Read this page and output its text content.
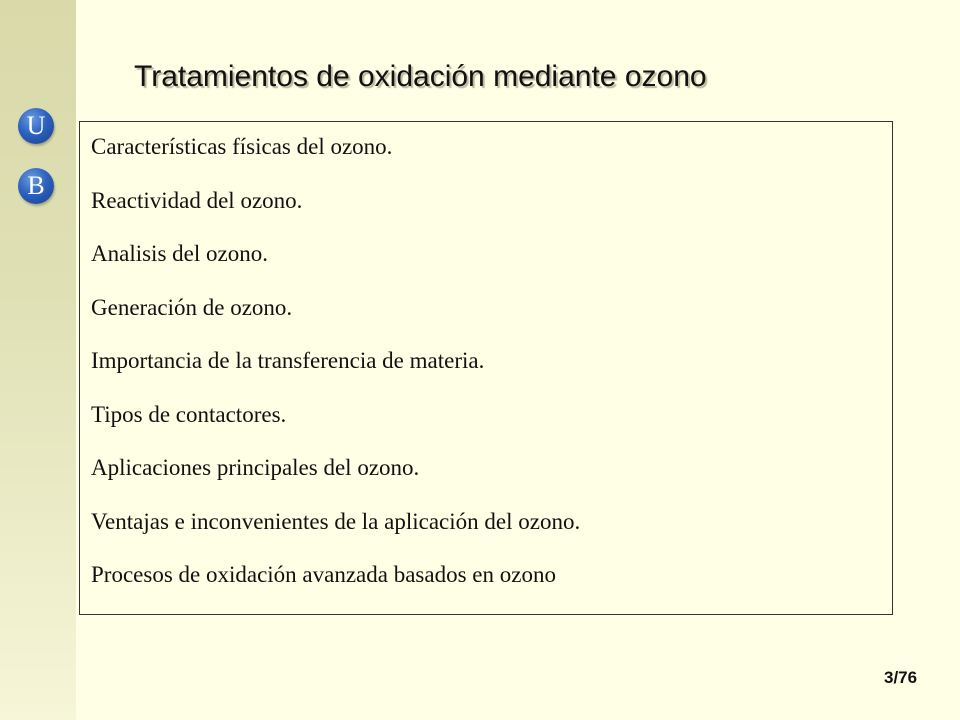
U
B
Tratamientos de oxidación mediante ozono
Características físicas del ozono.
Reactividad del ozono.
Analisis del ozono.
Generación de ozono.
Importancia de la transferencia de materia.
Tipos de contactores.
Aplicaciones principales del ozono.
Ventajas e inconvenientes de la aplicación del ozono.
Procesos de oxidación avanzada basados en ozono
3/76
